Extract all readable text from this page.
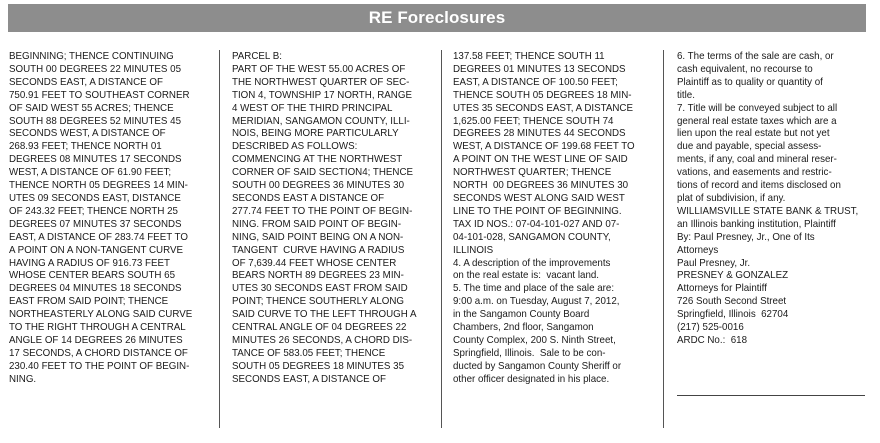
RE Foreclosures
BEGINNING; THENCE CONTINUING
SOUTH 00 DEGREES 22 MINUTES 05
SECONDS EAST, A DISTANCE OF
750.91 FEET TO SOUTHEAST CORNER
OF SAID WEST 55 ACRES; THENCE
SOUTH 88 DEGREES 52 MINUTES 45
SECONDS WEST, A DISTANCE OF
268.93 FEET; THENCE NORTH 01
DEGREES 08 MINUTES 17 SECONDS
WEST, A DISTANCE OF 61.90 FEET;
THENCE NORTH 05 DEGREES 14 MIN-
UTES 09 SECONDS EAST, DISTANCE
OF 243.32 FEET; THENCE NORTH 25
DEGREES 07 MINUTES 37 SECONDS
EAST, A DISTANCE OF 283.74 FEET TO
A POINT ON A NON-TANGENT CURVE
HAVING A RADIUS OF 916.73 FEET
WHOSE CENTER BEARS SOUTH 65
DEGREES 04 MINUTES 18 SECONDS
EAST FROM SAID POINT; THENCE
NORTHEASTERLY ALONG SAID CURVE
TO THE RIGHT THROUGH A CENTRAL
ANGLE OF 14 DEGREES 26 MINUTES
17 SECONDS, A CHORD DISTANCE OF
230.40 FEET TO THE POINT OF BEGIN-
NING.
PARCEL B:
PART OF THE WEST 55.00 ACRES OF
THE NORTHWEST QUARTER OF SEC-
TION 4, TOWNSHIP 17 NORTH, RANGE
4 WEST OF THE THIRD PRINCIPAL
MERIDIAN, SANGAMON COUNTY, ILLI-
NOIS, BEING MORE PARTICULARLY
DESCRIBED AS FOLLOWS:
COMMENCING AT THE NORTHWEST
CORNER OF SAID SECTION4; THENCE
SOUTH 00 DEGREES 36 MINUTES 30
SECONDS EAST A DISTANCE OF
277.74 FEET TO THE POINT OF BEGIN-
NING. FROM SAID POINT OF BEGIN-
NING, SAID POINT BEING ON A NON-
TANGENT  CURVE HAVING A RADIUS
OF 7,639.44 FEET WHOSE CENTER
BEARS NORTH 89 DEGREES 23 MIN-
UTES 30 SECONDS EAST FROM SAID
POINT; THENCE SOUTHERLY ALONG
SAID CURVE TO THE LEFT THROUGH A
CENTRAL ANGLE OF 04 DEGREES 22
MINUTES 26 SECONDS, A CHORD DIS-
TANCE OF 583.05 FEET; THENCE
SOUTH 05 DEGREES 18 MINUTES 35
SECONDS EAST, A DISTANCE OF
137.58 FEET; THENCE SOUTH 11
DEGREES 01 MINUTES 13 SECONDS
EAST, A DISTANCE OF 100.50 FEET;
THENCE SOUTH 05 DEGREES 18 MIN-
UTES 35 SECONDS EAST, A DISTANCE
1,625.00 FEET; THENCE SOUTH 74
DEGREES 28 MINUTES 44 SECONDS
WEST, A DISTANCE OF 199.68 FEET TO
A POINT ON THE WEST LINE OF SAID
NORTHWEST QUARTER; THENCE
NORTH  00 DEGREES 36 MINUTES 30
SECONDS WEST ALONG SAID WEST
LINE TO THE POINT OF BEGINNING.
TAX ID NOS.: 07-04-101-027 AND 07-
04-101-028, SANGAMON COUNTY,
ILLINOIS
4. A description of the improvements
on the real estate is:  vacant land.
5. The time and place of the sale are:
9:00 a.m. on Tuesday, August 7, 2012,
in the Sangamon County Board
Chambers, 2nd floor, Sangamon
County Complex, 200 S. Ninth Street,
Springfield, Illinois.  Sale to be con-
ducted by Sangamon County Sheriff or
other officer designated in his place.
6. The terms of the sale are cash, or
cash equivalent, no recourse to
Plaintiff as to quality or quantity of
title.
7. Title will be conveyed subject to all
general real estate taxes which are a
lien upon the real estate but not yet
due and payable, special assess-
ments, if any, coal and mineral reser-
vations, and easements and restric-
tions of record and items disclosed on
plat of subdivision, if any.
WILLIAMSVILLE STATE BANK & TRUST,
an Illinois banking institution, Plaintiff
By: Paul Presney, Jr., One of Its
Attorneys
Paul Presney, Jr.
PRESNEY & GONZALEZ
Attorneys for Plaintiff
726 South Second Street
Springfield, Illinois  62704
(217) 525-0016
ARDC No.:  618
